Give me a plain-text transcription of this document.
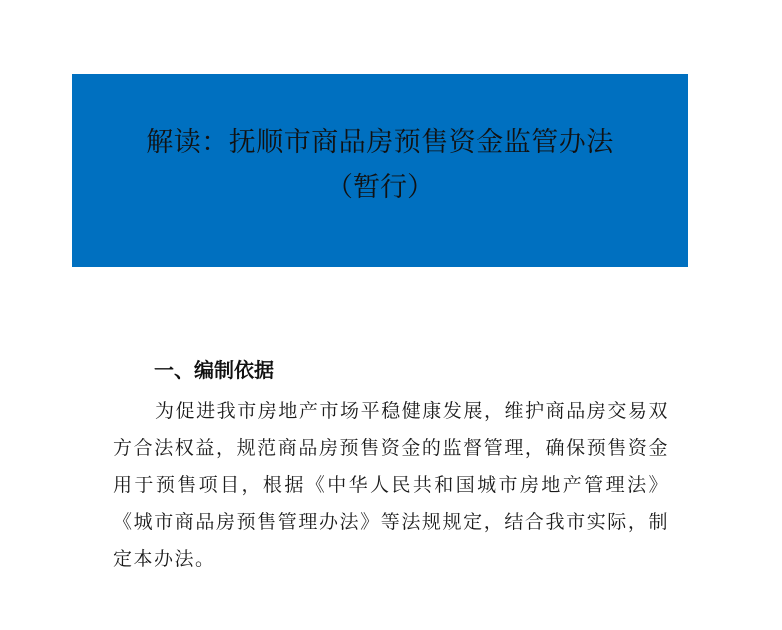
解读：抚顺市商品房预售资金监管办法
（暂行）
一、编制依据
为促进我市房地产市场平稳健康发展，维护商品房交易双方合法权益，规范商品房预售资金的监督管理，确保预售资金用于预售项目，根据《中华人民共和国城市房地产管理法》《城市商品房预售管理办法》等法规规定，结合我市实际，制定本办法。
